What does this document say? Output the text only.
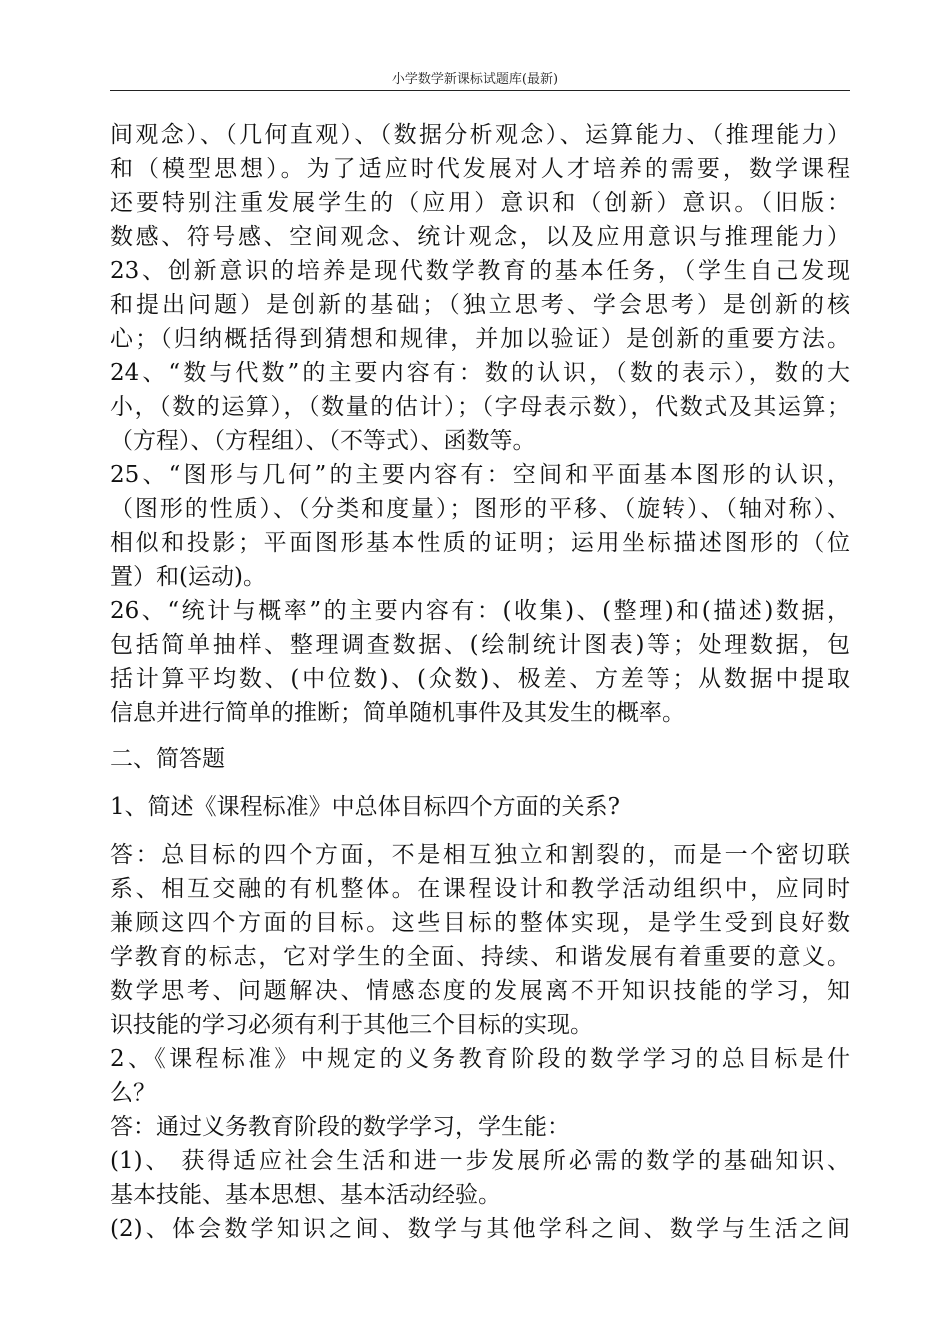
小学数学新课标试题库(最新)
间观念）、（几何直观）、（数据分析观念）、运算能力、（推理能力）
和（模型思想）。为了适应时代发展对人才培养的需要，数学课程
还要特别注重发展学生的（应用）意识和（创新）意识。（旧版：
数感、符号感、空间观念、统计观念，以及应用意识与推理能力）
23、创新意识的培养是现代数学教育的基本任务，（学生自己发现
和提出问题）是创新的基础；（独立思考、学会思考）是创新的核
心；（归纳概括得到猜想和规律，并加以验证）是创新的重要方法。
24、“数与代数”的主要内容有：数的认识，（数的表示），数的大
小，（数的运算），（数量的估计）；（字母表示数），代数式及其运算；
（方程）、（方程组）、（不等式）、函数等。
25、“图形与几何”的主要内容有：空间和平面基本图形的认识，
（图形的性质）、（分类和度量）；图形的平移、（旋转）、（轴对称）、
相似和投影；平面图形基本性质的证明；运用坐标描述图形的（位
置）和(运动)。
26、“统计与概率”的主要内容有：(收集)、(整理)和(描述)数据，
包括简单抽样、整理调查数据、(绘制统计图表)等；处理数据，包
括计算平均数、(中位数)、(众数)、极差、方差等；从数据中提取
信息并进行简单的推断；简单随机事件及其发生的概率。
二、简答题
1、简述《课程标准》中总体目标四个方面的关系?
答：总目标的四个方面，不是相互独立和割裂的，而是一个密切联
系、相互交融的有机整体。在课程设计和教学活动组织中，应同时
兼顾这四个方面的目标。这些目标的整体实现，是学生受到良好数
学教育的标志，它对学生的全面、持续、和谐发展有着重要的意义。
数学思考、问题解决、情感态度的发展离不开知识技能的学习，知
识技能的学习必须有利于其他三个目标的实现。
2、《课程标准》中规定的义务教育阶段的数学学习的总目标是什
么？
答：通过义务教育阶段的数学学习，学生能：
(1)、 获得适应社会生活和进一步发展所必需的数学的基础知识、
基本技能、基本思想、基本活动经验。
(2)、体会数学知识之间、数学与其他学科之间、数学与生活之间
